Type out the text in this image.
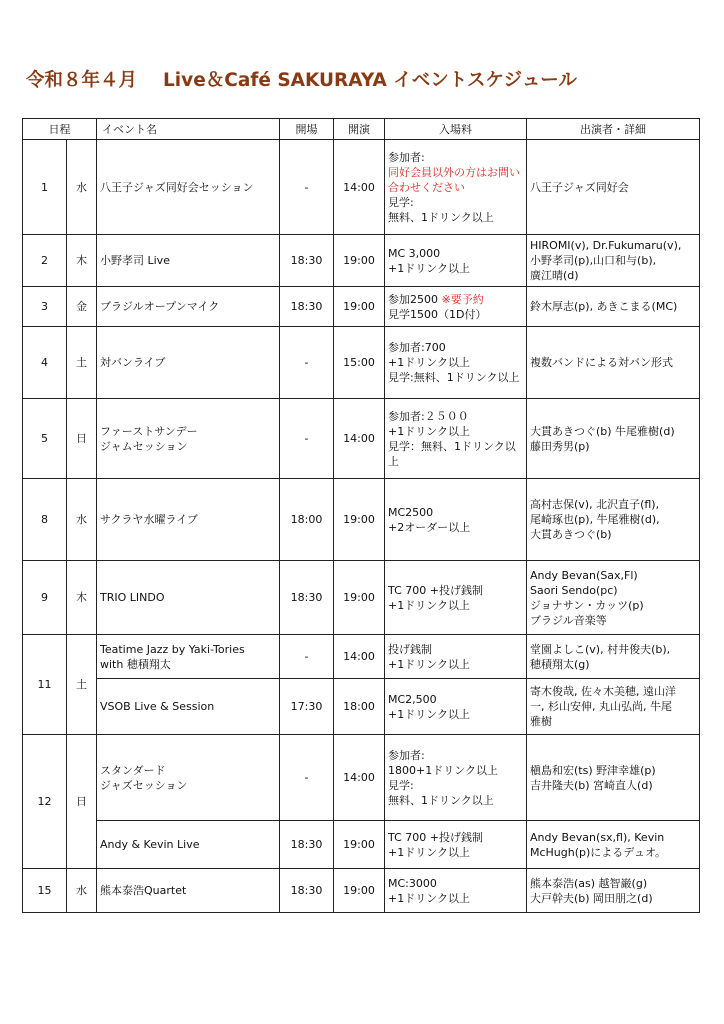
令和８年４月 Live＆Café SAKURAYA イベントスケジュール
日程		イベント名	開場	開演	入場料	出演者・詳細
1	水	八王子ジャズ同好会セッション	-	14:00	参加者:
同好会員以外の方はお問い合わせください
見学:
無料、1ドリンク以上	八王子ジャズ同好会

2	木	小野孝司 Live	18:30	19:00	MC 3,000
+1ドリンク以上	HIROMI(v), Dr.Fukumaru(v),
小野孝司(p),山口和与(b),
廣江晴(d)

3	金	ブラジルオープンマイク	18:30	19:00	参加2500 ※要予約
見学1500（1D付）	鈴木厚志(p), あきこまる(MC)

4	土	対バンライブ	-	15:00	参加者:700
+1ドリンク以上
見学:無料、1ドリンク以上	複数バンドによる対バン形式

5	日	ファーストサンデー
ジャムセッション	-	14:00	参加者:２５００
+1ドリンク以上
見学：無料、1ドリンク以上	大貫あきつぐ(b) 牛尾雅樹(d)
藤田秀男(p)

8	水	サクラヤ水曜ライブ	18:00	19:00	MC2500
+2オーダー以上	高村志保(v), 北沢直子(fl),
尾崎琢也(p), 牛尾雅樹(d),
大貫あきつぐ(b)

9	木	TRIO LINDO	18:30	19:00	TC 700 +投げ銭制
+1ドリンク以上	Andy Bevan(Sax,Fl)
Saori Sendo(pc)
ジョナサン・カッツ(p)
ブラジル音楽等

11	土	Teatime Jazz by Yaki-Tories
with 穂積翔太	-	14:00	投げ銭制
+1ドリンク以上	堂園よしこ(v), 村井俊夫(b),
穂積翔太(g)

		VSOB Live & Session	17:30	18:00	MC2,500
+1ドリンク以上	寄木俊哉, 佐々木美穂, 遠山洋
一, 杉山安伸, 丸山弘尚, 牛尾
雅樹

12	日	スタンダード
ジャズセッション	-	14:00	参加者:
1800+1ドリンク以上
見学:
無料、1ドリンク以上	槇島和宏(ts) 野津幸雄(p)
吉井隆夫(b) 宮崎直人(d)

		Andy & Kevin Live	18:30	19:00	TC 700 +投げ銭制
+1ドリンク以上	Andy Bevan(sx,fl), Kevin
McHugh(p)によるデュオ。

15	水	熊本泰浩Quartet	18:30	19:00	MC:3000
+1ドリンク以上	熊本泰浩(as) 越智巌(g)
大戸幹夫(b) 岡田朋之(d)
